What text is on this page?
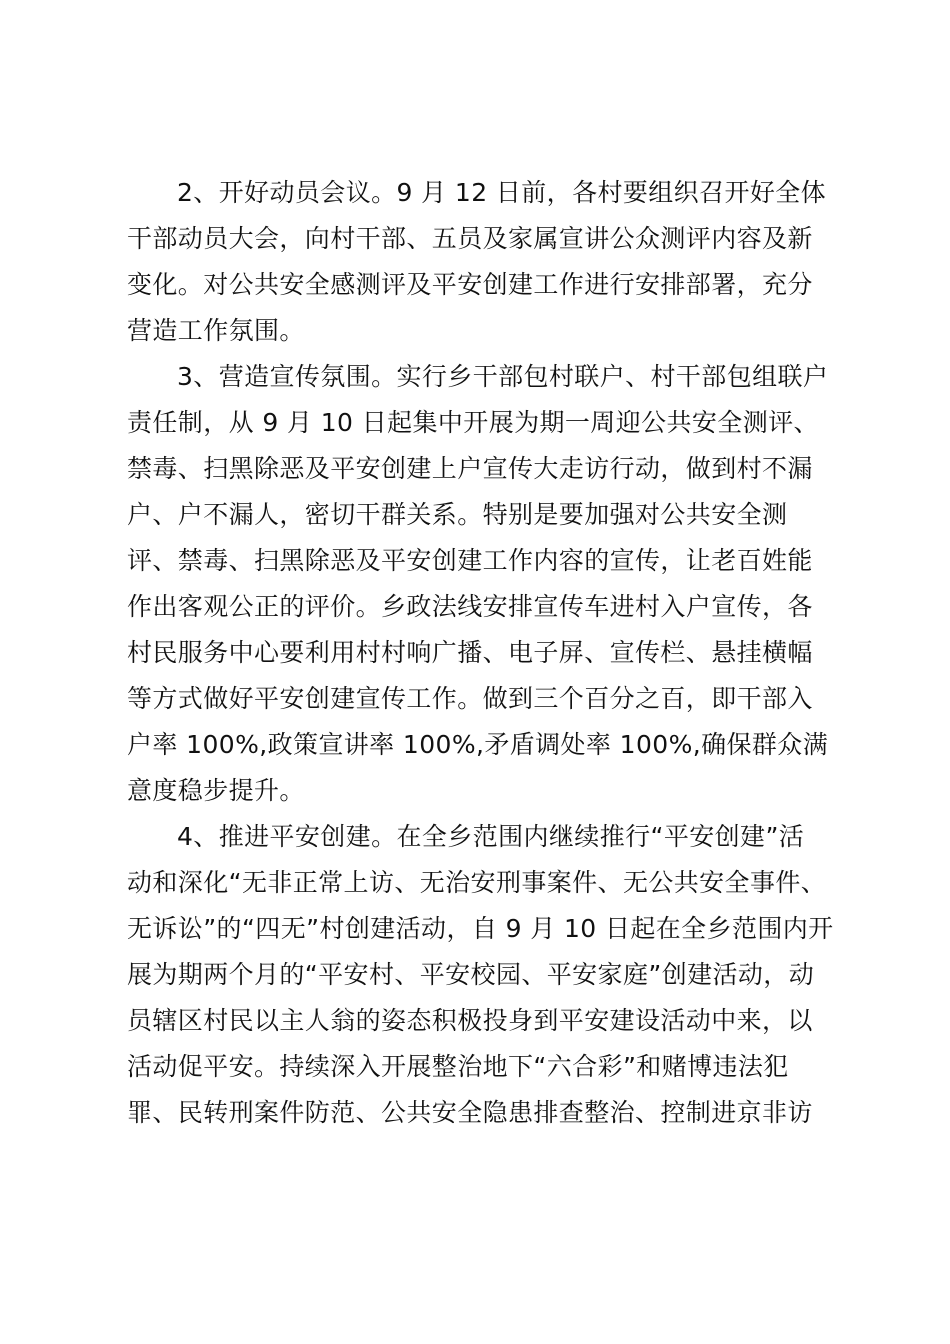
2、开好动员会议。9 月 12 日前，各村要组织召开好全体
干部动员大会，向村干部、五员及家属宣讲公众测评内容及新
变化。对公共安全感测评及平安创建工作进行安排部署，充分
营造工作氛围。
3、营造宣传氛围。实行乡干部包村联户、村干部包组联户
责任制，从 9 月 10 日起集中开展为期一周迎公共安全测评、
禁毒、扫黑除恶及平安创建上户宣传大走访行动，做到村不漏
户、户不漏人，密切干群关系。特别是要加强对公共安全测
评、禁毒、扫黑除恶及平安创建工作内容的宣传，让老百姓能
作出客观公正的评价。乡政法线安排宣传车进村入户宣传，各
村民服务中心要利用村村响广播、电子屏、宣传栏、悬挂横幅
等方式做好平安创建宣传工作。做到三个百分之百，即干部入
户率 100%,政策宣讲率 100%,矛盾调处率 100%,确保群众满
意度稳步提升。
4、推进平安创建。在全乡范围内继续推行“平安创建”活
动和深化“无非正常上访、无治安刑事案件、无公共安全事件、
无诉讼”的“四无”村创建活动，自 9 月 10 日起在全乡范围内开
展为期两个月的“平安村、平安校园、平安家庭”创建活动，动
员辖区村民以主人翁的姿态积极投身到平安建设活动中来，以
活动促平安。持续深入开展整治地下“六合彩”和赌博违法犯
罪、民转刑案件防范、公共安全隐患排查整治、控制进京非访
